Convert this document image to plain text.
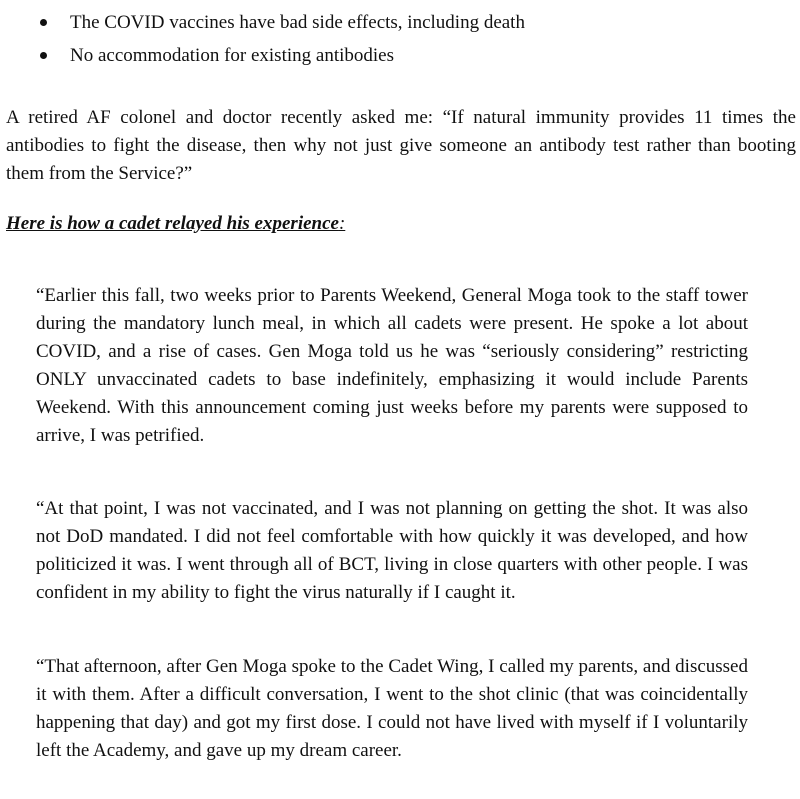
The COVID vaccines have bad side effects, including death
No accommodation for existing antibodies

A retired AF colonel and doctor recently asked me: “If natural immunity provides 11 times the antibodies to fight the disease, then why not just give someone an antibody test rather than booting them from the Service?”

Here is how a cadet relayed his experience:

“Earlier this fall, two weeks prior to Parents Weekend, General Moga took to the staff tower during the mandatory lunch meal, in which all cadets were present. He spoke a lot about COVID, and a rise of cases. Gen Moga told us he was “seriously considering” restricting ONLY unvaccinated cadets to base indefinitely, emphasizing it would include Parents Weekend. With this announcement coming just weeks before my parents were supposed to arrive, I was petrified.

“At that point, I was not vaccinated, and I was not planning on getting the shot. It was also not DoD mandated. I did not feel comfortable with how quickly it was developed, and how politicized it was. I went through all of BCT, living in close quarters with other people. I was confident in my ability to fight the virus naturally if I caught it.

“That afternoon, after Gen Moga spoke to the Cadet Wing, I called my parents, and discussed it with them. After a difficult conversation, I went to the shot clinic (that was coincidentally happening that day) and got my first dose. I could not have lived with myself if I voluntarily left the Academy, and gave up my dream career.
